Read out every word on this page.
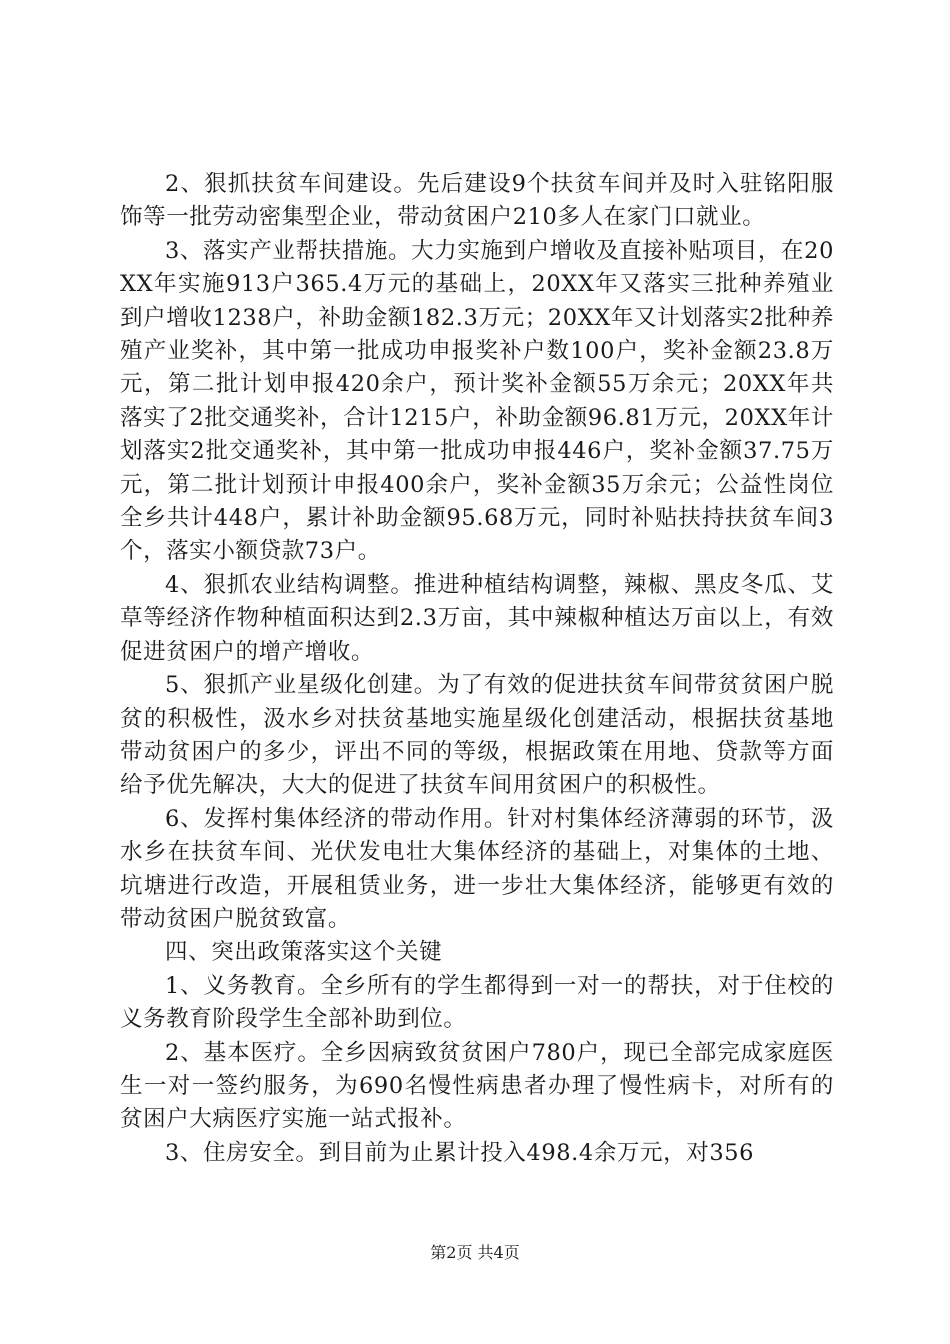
2、狠抓扶贫车间建设。先后建设9个扶贫车间并及时入驻铭阳服饰等一批劳动密集型企业，带动贫困户210多人在家门口就业。

3、落实产业帮扶措施。大力实施到户增收及直接补贴项目，在20XX年实施913户365.4万元的基础上，20XX年又落实三批种养殖业到户增收1238户，补助金额182.3万元；20XX年又计划落实2批种养殖产业奖补，其中第一批成功申报奖补户数100户，奖补金额23.8万元，第二批计划申报420余户，预计奖补金额55万余元；20XX年共落实了2批交通奖补，合计1215户，补助金额96.81万元，20XX年计划落实2批交通奖补，其中第一批成功申报446户，奖补金额37.75万元，第二批计划预计申报400余户，奖补金额35万余元；公益性岗位全乡共计448户，累计补助金额95.68万元，同时补贴扶持扶贫车间3个，落实小额贷款73户。

4、狠抓农业结构调整。推进种植结构调整，辣椒、黑皮冬瓜、艾草等经济作物种植面积达到2.3万亩，其中辣椒种植达万亩以上，有效促进贫困户的增产增收。

5、狠抓产业星级化创建。为了有效的促进扶贫车间带贫贫困户脱贫的积极性，汲水乡对扶贫基地实施星级化创建活动，根据扶贫基地带动贫困户的多少，评出不同的等级，根据政策在用地、贷款等方面给予优先解决，大大的促进了扶贫车间用贫困户的积极性。

6、发挥村集体经济的带动作用。针对村集体经济薄弱的环节，汲水乡在扶贫车间、光伏发电壮大集体经济的基础上，对集体的土地、坑塘进行改造，开展租赁业务，进一步壮大集体经济，能够更有效的带动贫困户脱贫致富。

四、突出政策落实这个关键

1、义务教育。全乡所有的学生都得到一对一的帮扶，对于住校的义务教育阶段学生全部补助到位。

2、基本医疗。全乡因病致贫贫困户780户，现已全部完成家庭医生一对一签约服务，为690名慢性病患者办理了慢性病卡，对所有的贫困户大病医疗实施一站式报补。

3、住房安全。到目前为止累计投入498.4余万元，对356

第2页 共4页
